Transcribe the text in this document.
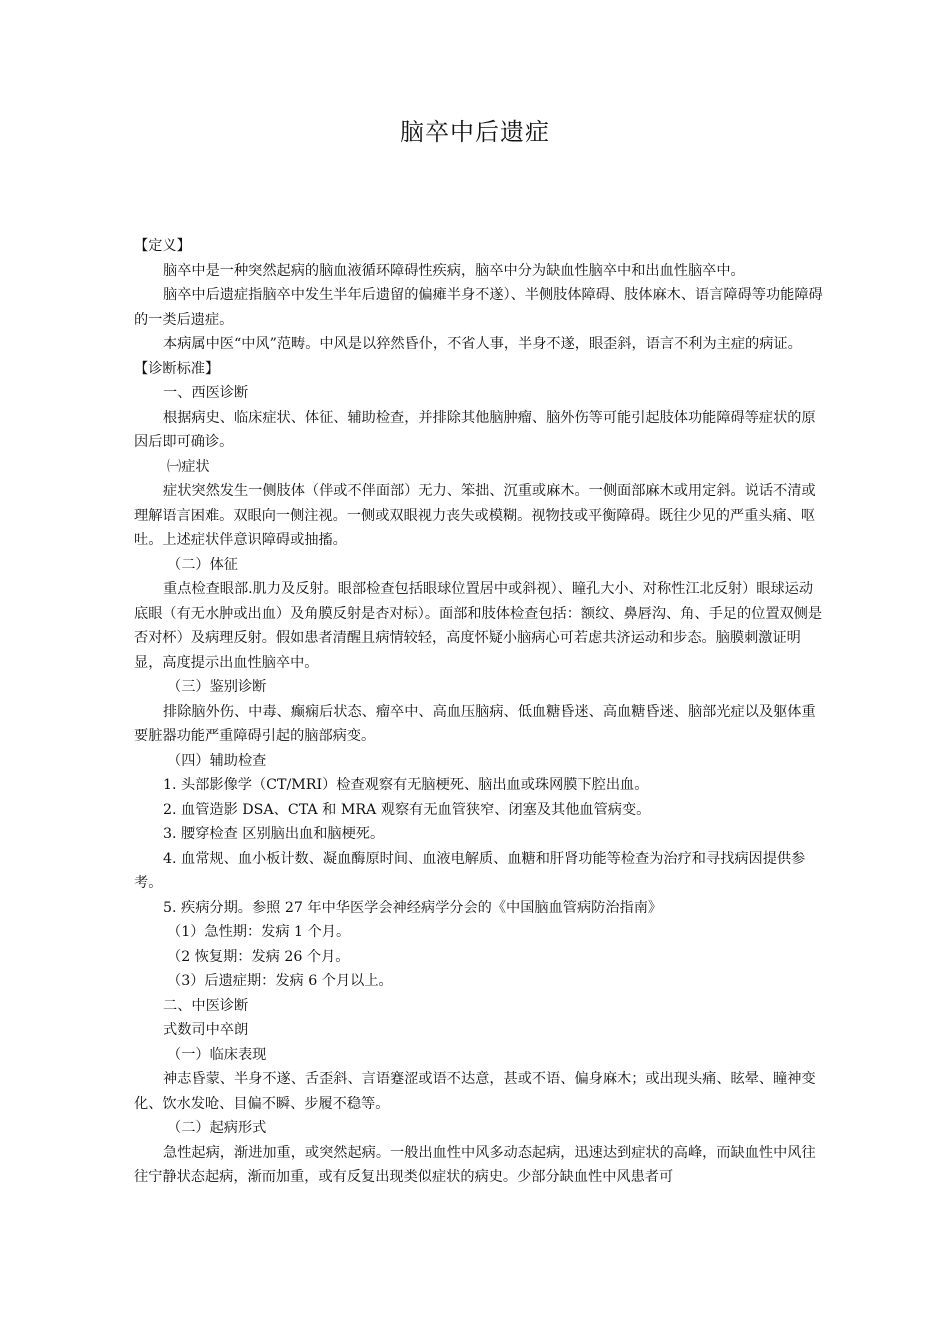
脑卒中后遗症

【定义】

脑卒中是一种突然起病的脑血液循环障碍性疾病，脑卒中分为缺血性脑卒中和出血性脑卒中。

脑卒中后遗症指脑卒中发生半年后遗留的偏瘫半身不遂）、半侧肢体障碍、肢体麻木、语言障碍等功能障碍的一类后遗症。

本病属中医“中风”范畴。中风是以猝然昏仆，不省人事，半身不遂，眼歪斜，语言不利为主症的病证。

【诊断标准】

一、西医诊断

根据病史、临床症状、体征、辅助检查，并排除其他脑肿瘤、脑外伤等可能引起肢体功能障碍等症状的原因后即可确诊。

㈠症状

症状突然发生一侧肢体（伴或不伴面部）无力、笨拙、沉重或麻木。一侧面部麻木或用定斜。说话不清或理解语言困难。双眼向一侧注视。一侧或双眼视力丧失或模糊。视物技或平衡障碍。既往少见的严重头痛、呕吐。上述症状伴意识障碍或抽搐。

（二）体征

重点检查眼部.肌力及反射。眼部检查包括眼球位置居中或斜视）、瞳孔大小、对称性江北反射）眼球运动底眼（有无水肿或出血）及角膜反射是杏对标）。面部和肢体检查包括：额纹、鼻唇沟、角、手足的位置双侧是否对杯）及病理反射。假如患者清醒且病情较轻，高度怀疑小脑病心可若虑共济运动和步态。脑膜刺激证明显，高度提示出血性脑卒中。

（三）鉴别诊断

排除脑外伤、中毒、癫痫后状态、瘤卒中、高血压脑病、低血糖昏迷、高血糖昏迷、脑部光症以及躯体重要脏器功能严重障碍引起的脑部病变。

（四）辅助检查

1. 头部影像学（CT/MRI）检查观察有无脑梗死、脑出血或珠网膜下腔出血。

2. 血管造影 DSA、CTA 和 MRA 观察有无血管狭窄、闭塞及其他血管病变。

3. 腰穿检查 区别脑出血和脑梗死。

4. 血常规、血小板计数、凝血酶原时间、血液电解质、血糖和肝肾功能等检查为治疗和寻找病因提供参考。

5. 疾病分期。参照 27 年中华医学会神经病学分会的《中国脑血管病防治指南》

（1）急性期：发病 1 个月。

（2 恢复期：发病 26 个月。

（3）后遗症期：发病 6 个月以上。

二、中医诊断

式数司中卒朗

（一）临床表现

神志昏蒙、半身不遂、舌歪斜、言语蹇涩或语不达意，甚或不语、偏身麻木；或出现头痛、眩晕、瞳神变化、饮水发呛、目偏不瞬、步履不稳等。

（二）起病形式

急性起病，渐进加重，或突然起病。一般出血性中风多动态起病，迅速达到症状的高峰，而缺血性中风往往宁静状态起病，渐而加重，或有反复出现类似症状的病史。少部分缺血性中风患者可
